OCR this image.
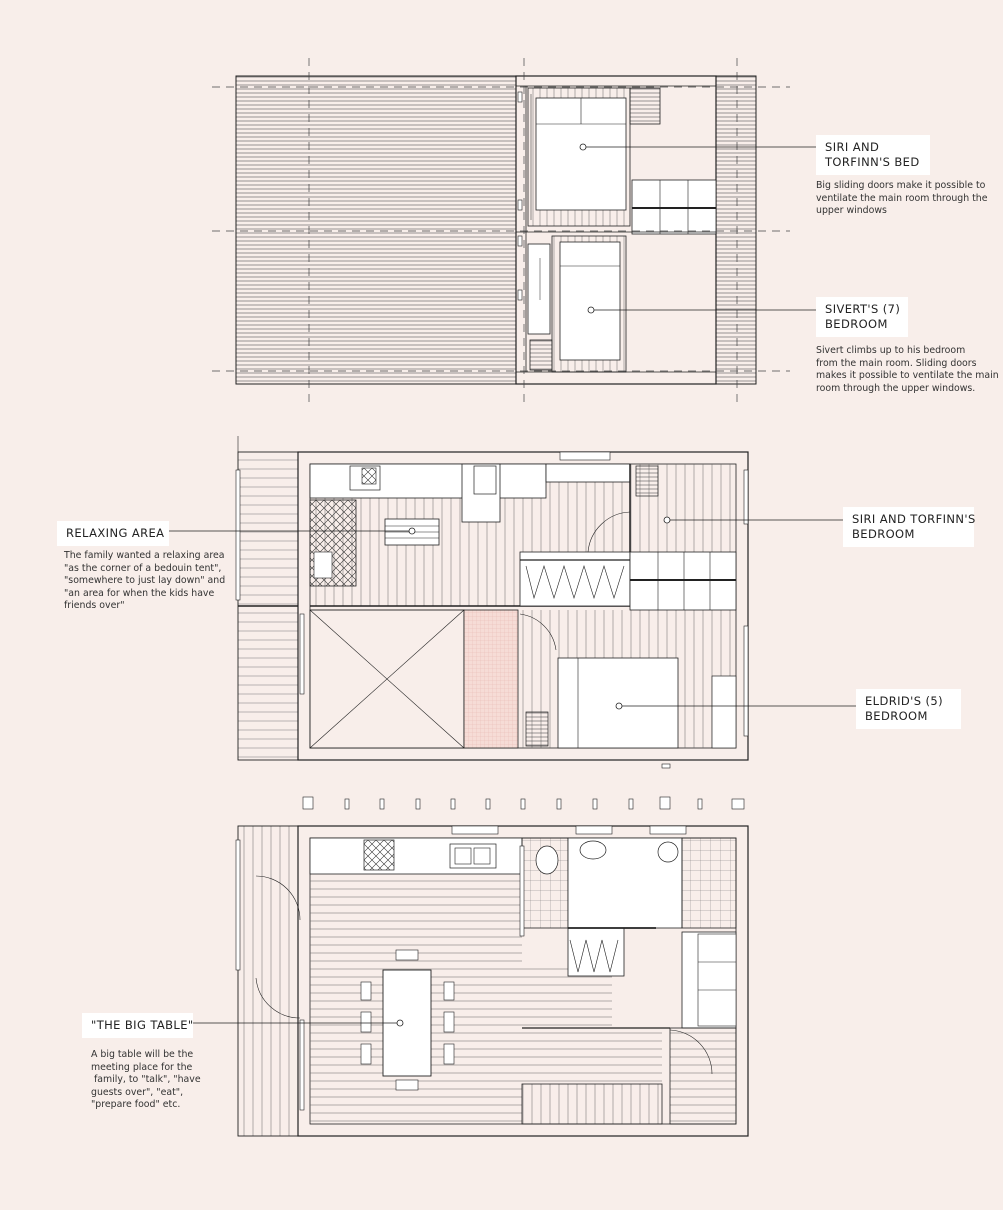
SIRI AND
TORFINN'S BED
Big sliding doors make it possible to
ventilate the main room through the
upper windows
SIVERT'S (7)
BEDROOM
Sivert climbs up to his bedroom
from the main room. Sliding doors
makes it possible to ventilate the main
room through the upper windows.
RELAXING AREA
The family wanted a relaxing area
"as the corner of a bedouin tent",
"somewhere to just lay down" and
"an area for when the kids have
friends over"
SIRI AND TORFINN'S
BEDROOM
ELDRID'S (5)
BEDROOM
"THE BIG TABLE"
A big table will be the
meeting place for the
family, to "talk", "have
guests over", "eat",
"prepare food" etc.
